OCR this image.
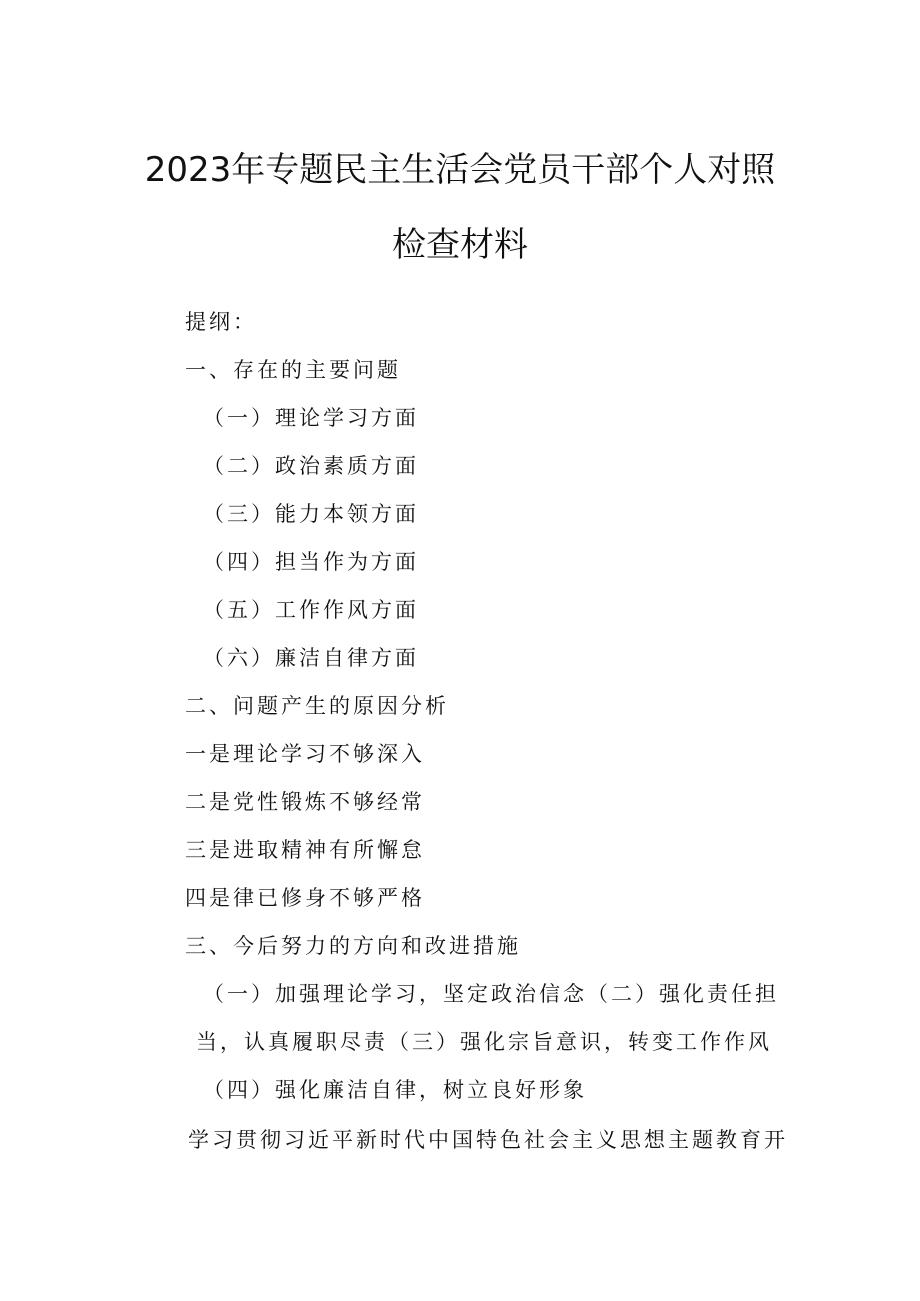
2023年专题民主生活会党员干部个人对照
检查材料
提纲：
一、存在的主要问题
（一）理论学习方面
（二）政治素质方面
（三）能力本领方面
（四）担当作为方面
（五）工作作风方面
（六）廉洁自律方面
二、问题产生的原因分析
一是理论学习不够深入
二是党性锻炼不够经常
三是进取精神有所懈怠
四是律已修身不够严格
三、今后努力的方向和改进措施
（一）加强理论学习，坚定政治信念（二）强化责任担
当，认真履职尽责（三）强化宗旨意识，转变工作作风
（四）强化廉洁自律，树立良好形象
学习贯彻习近平新时代中国特色社会主义思想主题教育开
